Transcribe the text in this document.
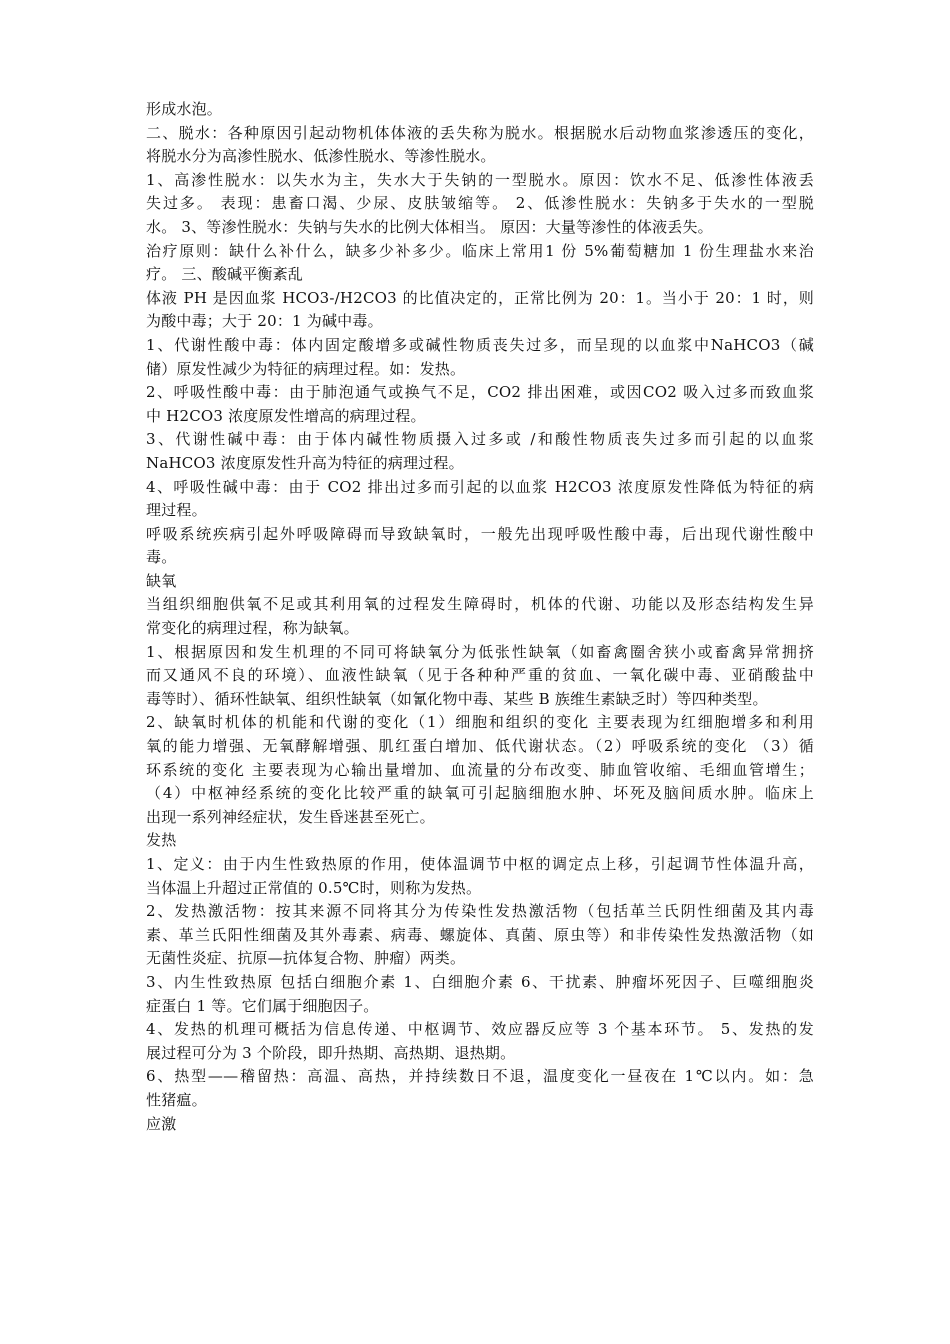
形成水泡。
二、脱水：各种原因引起动物机体体液的丢失称为脱水。根据脱水后动物血浆渗透压的变化，
将脱水分为高渗性脱水、低渗性脱水、等渗性脱水。
1、高渗性脱水：以失水为主，失水大于失钠的一型脱水。原因：饮水不足、低渗性体液丢
失过多。 表现：患畜口渴、少尿、皮肤皱缩等。 2、低渗性脱水：失钠多于失水的一型脱
水。 3、等渗性脱水：失钠与失水的比例大体相当。 原因：大量等渗性的体液丢失。
治疗原则：缺什么补什么，缺多少补多少。临床上常用1 份 5%葡萄糖加 1 份生理盐水来治
疗。 三、酸碱平衡紊乱
体液 PH 是因血浆 HCO3-/H2CO3 的比值决定的，正常比例为 20：1。当小于 20：1 时，则
为酸中毒；大于 20：1 为碱中毒。
1、代谢性酸中毒：体内固定酸增多或碱性物质丧失过多，而呈现的以血浆中NaHCO3（碱
储）原发性减少为特征的病理过程。如：发热。
2、呼吸性酸中毒：由于肺泡通气或换气不足，CO2 排出困难，或因CO2 吸入过多而致血浆
中 H2CO3 浓度原发性增高的病理过程。
3、代谢性碱中毒：由于体内碱性物质摄入过多或 /和酸性物质丧失过多而引起的以血浆
NaHCO3 浓度原发性升高为特征的病理过程。
4、呼吸性碱中毒：由于 CO2 排出过多而引起的以血浆 H2CO3 浓度原发性降低为特征的病
理过程。
呼吸系统疾病引起外呼吸障碍而导致缺氧时，一般先出现呼吸性酸中毒，后出现代谢性酸中
毒。
缺氧
当组织细胞供氧不足或其利用氧的过程发生障碍时，机体的代谢、功能以及形态结构发生异
常变化的病理过程，称为缺氧。
1、根据原因和发生机理的不同可将缺氧分为低张性缺氧（如畜禽圈舍狭小或畜禽异常拥挤
而又通风不良的环境）、血液性缺氧（见于各种种严重的贫血、一氧化碳中毒、亚硝酸盐中
毒等时）、循环性缺氧、组织性缺氧（如氰化物中毒、某些 B 族维生素缺乏时）等四种类型。
2、缺氧时机体的机能和代谢的变化（1）细胞和组织的变化 主要表现为红细胞增多和利用
氧的能力增强、无氧酵解增强、肌红蛋白增加、低代谢状态。（2）呼吸系统的变化 （3）循
环系统的变化 主要表现为心输出量增加、血流量的分布改变、肺血管收缩、毛细血管增生；
（4）中枢神经系统的变化比较严重的缺氧可引起脑细胞水肿、坏死及脑间质水肿。临床上
出现一系列神经症状，发生昏迷甚至死亡。
发热
1、定义：由于内生性致热原的作用，使体温调节中枢的调定点上移，引起调节性体温升高，
当体温上升超过正常值的 0.5℃时，则称为发热。
2、发热激活物：按其来源不同将其分为传染性发热激活物（包括革兰氏阴性细菌及其内毒
素、革兰氏阳性细菌及其外毒素、病毒、螺旋体、真菌、原虫等）和非传染性发热激活物（如
无菌性炎症、抗原—抗体复合物、肿瘤）两类。
3、内生性致热原 包括白细胞介素 1、白细胞介素 6、干扰素、肿瘤坏死因子、巨噬细胞炎
症蛋白 1 等。它们属于细胞因子。
4、发热的机理可概括为信息传递、中枢调节、效应器反应等 3 个基本环节。 5、发热的发
展过程可分为 3 个阶段，即升热期、高热期、退热期。
6、热型——稽留热：高温、高热，并持续数日不退，温度变化一昼夜在 1℃以内。如：急
性猪瘟。
应激
